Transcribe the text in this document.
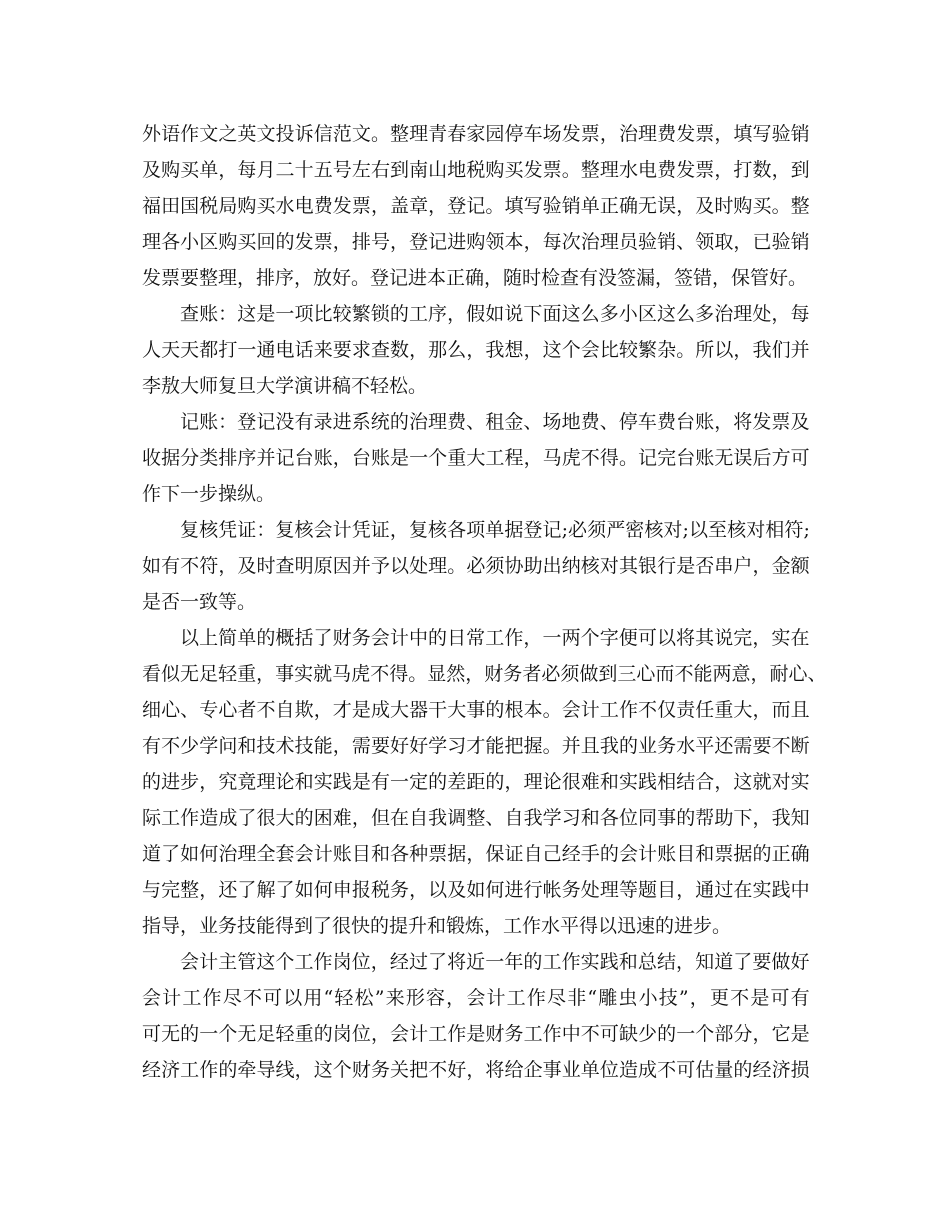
外 语 作 文 之 英 文 投 诉 信 范 文 。 整 理 青 春 家 园 停 车 场 发 票 ， 治 理 费 发 票 ， 填 写 验 销
及 购 买 单 ， 每 月 二 十 五 号 左 右 到 南 山 地 税 购 买 发 票 。 整 理 水 电 费 发 票 ， 打 数 ， 到
福 田 国 税 局 购 买 水 电 费 发 票 ， 盖 章 ， 登 记 。 填 写 验 销 单 正 确 无 误 ， 及 时 购 买 。 整
理 各 小 区 购 买 回 的 发 票 ， 排 号 ， 登 记 进 购 领 本 ， 每 次 治 理 员 验 销 、 领 取 ， 已 验 销
发票要整理，排序，放好。登记进本正确，随时检查有没签漏，签错，保管好。
查 账 ： 这 是 一 项 比 较 繁 锁 的 工 序 ， 假 如 说 下 面 这 么 多 小 区 这 么 多 治 理 处 ， 每
人 天 天 都 打 一 通 电 话 来 要 求 查 数 ， 那 么 ， 我 想 ， 这 个 会 比 较 繁 杂 。 所 以 ， 我 们 并
李敖大师复旦大学演讲稿不轻松。
记 账 ： 登 记 没 有 录 进 系 统 的 治 理 费 、 租 金 、 场 地 费 、 停 车 费 台 账 ， 将 发 票 及
收 据 分 类 排 序 并 记 台 账 ， 台 账 是 一 个 重 大 工 程 ， 马 虎 不 得 。 记 完 台 账 无 误 后 方 可
作下一步操纵。
复 核 凭 证 ： 复 核 会 计 凭 证 ， 复 核 各 项 单 据 登 记 ; 必 须 严 密 核 对 ; 以 至 核 对 相 符 ;
如 有 不 符 ， 及 时 查 明 原 因 并 予 以 处 理 。 必 须 协 助 出 纳 核 对 其 银 行 是 否 串 户 ， 金 额
是否一致等。
以 上 简 单 的 概 括 了 财 务 会 计 中 的 日 常 工 作 ， 一 两 个 字 便 可 以 将 其 说 完 ， 实 在
看 似 无 足 轻 重 ， 事 实 就 马 虎 不 得 。 显 然 ， 财 务 者 必 须 做 到 三 心 而 不 能 两 意 ， 耐 心 、
细 心 、 专 心 者 不 自 欺 ， 才 是 成 大 器 干 大 事 的 根 本 。 会 计 工 作 不 仅 责 任 重 大 ， 而 且
有 不 少 学 问 和 技 术 技 能 ， 需 要 好 好 学 习 才 能 把 握 。 并 且 我 的 业 务 水 平 还 需 要 不 断
的 进 步 ， 究 竟 理 论 和 实 践 是 有 一 定 的 差 距 的 ， 理 论 很 难 和 实 践 相 结 合 ， 这 就 对 实
际 工 作 造 成 了 很 大 的 困 难 ， 但 在 自 我 调 整 、 自 我 学 习 和 各 位 同 事 的 帮 助 下 ， 我 知
道 了 如 何 治 理 全 套 会 计 账 目 和 各 种 票 据 ， 保 证 自 己 经 手 的 会 计 账 目 和 票 据 的 正 确
与 完 整 ， 还 了 解 了 如 何 申 报 税 务 ， 以 及 如 何 进 行 帐 务 处 理 等 题 目 ， 通 过 在 实 践 中
指导，业务技能得到了很快的提升和锻炼，工作水平得以迅速的进步。
会 计 主 管 这 个 工 作 岗 位 ， 经 过 了 将 近 一 年 的 工 作 实 践 和 总 结 ， 知 道 了 要 做 好
会 计 工 作 尽 不 可 以 用 “ 轻 松 ” 来 形 容 ， 会 计 工 作 尽 非 “ 雕 虫 小 技 ” ， 更 不 是 可 有
可 无 的 一 个 无 足 轻 重 的 岗 位 ， 会 计 工 作 是 财 务 工 作 中 不 可 缺 少 的 一 个 部 分 ， 它 是
经 济 工 作 的 牵 导 线 ， 这 个 财 务 关 把 不 好 ， 将 给 企 事 业 单 位 造 成 不 可 估 量 的 经 济 损
